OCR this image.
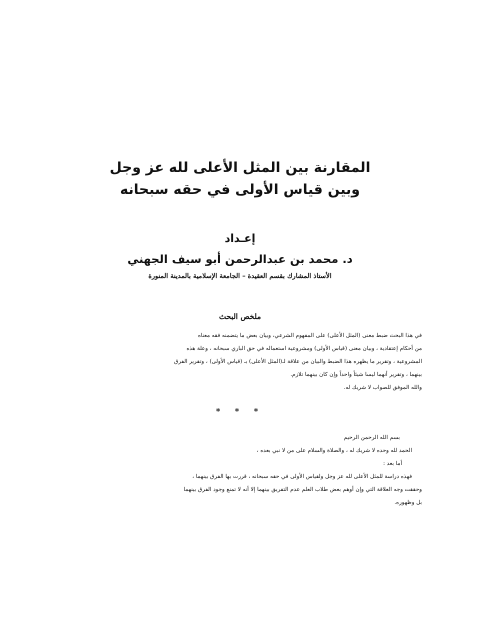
المقارنة بين المثل الأعلى لله عز وجل
وبين قياس الأولى في حقه سبحانه
إعـداد
د. محمد بن عبدالرحمن أبو سيف الجهني
الأستاذ المشارك بقسم العقيدة – الجامعة الإسلامية بالمدينة المنورة
ملخص البحث

في هذا البحث ضبط معنى (المثل الأعلى) على المفهوم الشرعي، وبيان بعض ما يتضمنه فقه معناه

من أحكام إعتقادية ، وبيان معنى (قياس الأولى) ومشروعية استعماله في حق الباري سبحانه ، وعلة هذه

المشروعية ، وتقرير ما يظهره هذا الضبط والبيان من علاقة لـ(المثل الأعلى) بـ (قياس الأولى) ، وتقرير الفرق

بينهما ، وتقرير أنهما ليسا شيئاً واحداً وإن كان بينهما تلازم.

والله الموفق للصواب لا شريك له.

* * *

بسم الله الرحمن الرحيم

الحمد لله وحده لا شريك له ، والصلاة والسلام على من لا نبي بعده ،

أما بعد :

فهذه دراسة للمثل الأعلى لله عز وجل ولقياس الأولى في حقه سبحانه ، قررت بها الفرق بينهما ،

وحققت وجه العلاقة التي وإن أوهم بعض طلاب العلم عدم التفريق بينهما إلا أنه لا تمنع وجود الفرق بينهما

بل وظهوره.
